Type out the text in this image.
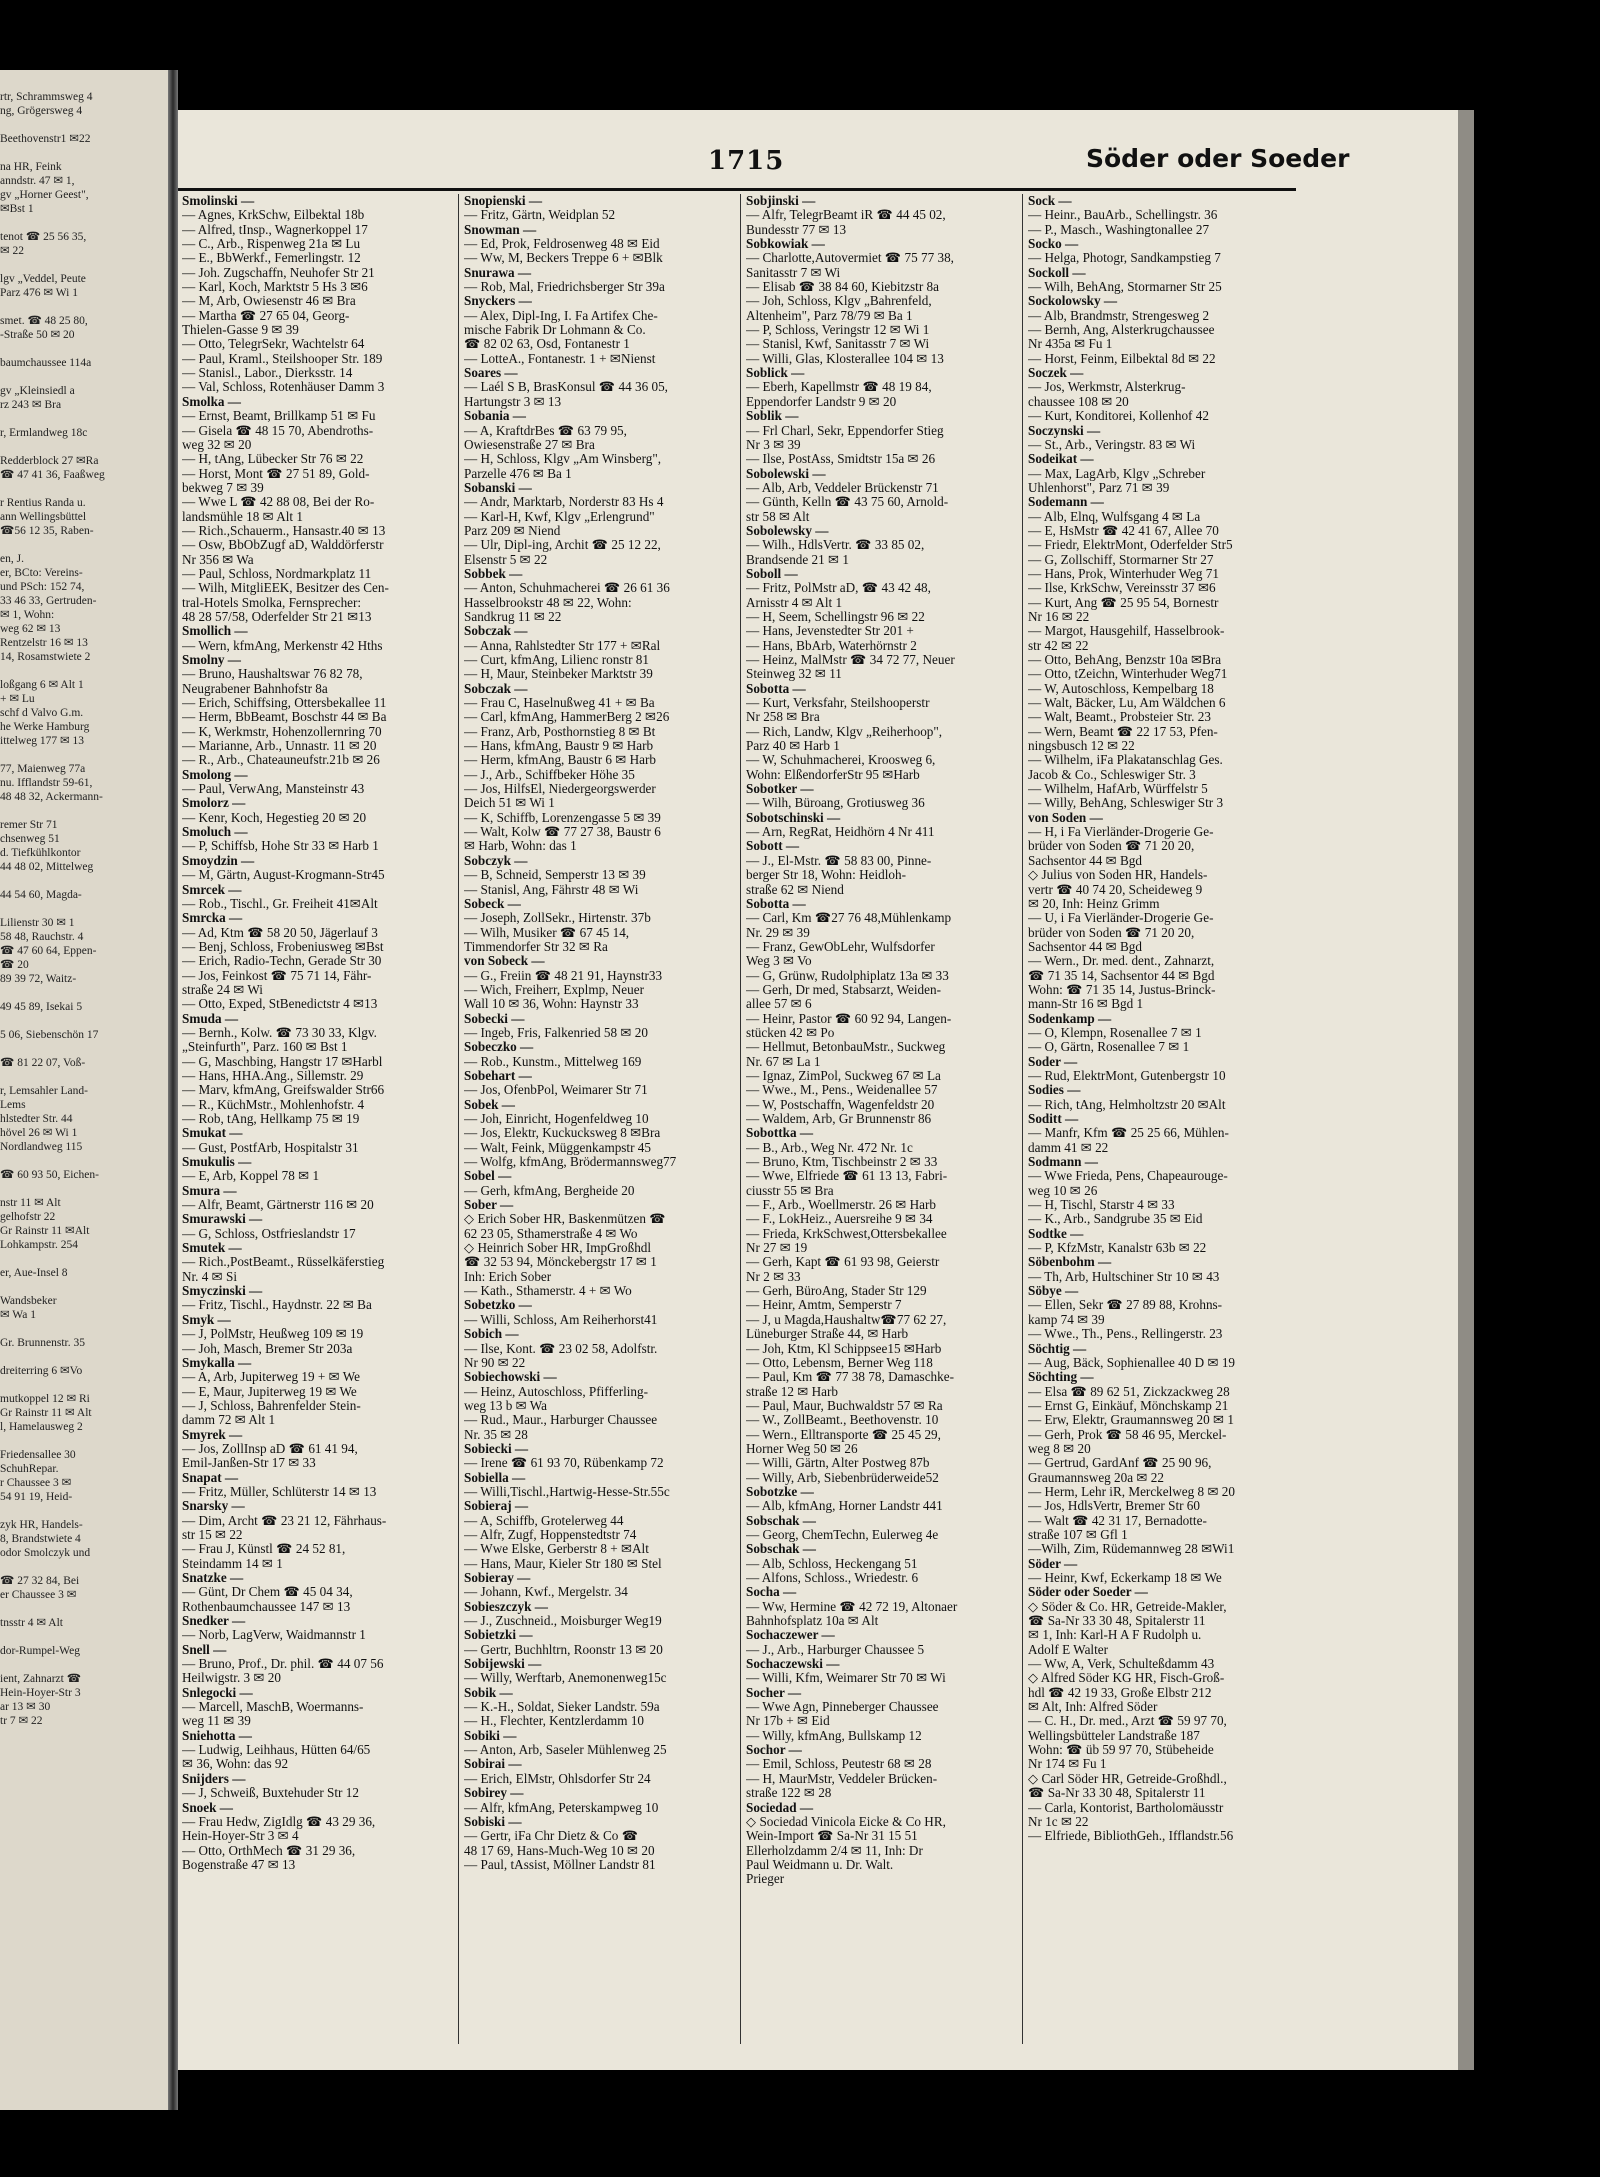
rtr, Schrammsweg 4
ng, Grögersweg 4
Beethovenstr1 ✉22
na HR, Feink
anndstr. 47 ✉ 1,
gv „Horner Geest",
✉Bst 1
tenot ☎ 25 56 35,
✉ 22
lgv „Veddel, Peute
Parz 476 ✉ Wi 1
smet. ☎ 48 25 80,
-Straße 50 ✉ 20
baumchaussee 114a
gv „Kleinsiedl a
rz 243 ✉ Bra
r, Ermlandweg 18c
Redderblock 27 ✉Ra
☎ 47 41 36, Faaßweg
r Rentius Randa u.
ann Wellingsbüttel
☎56 12 35, Raben-
en, J.
er, BCto: Vereins-
und PSch: 152 74,
33 46 33, Gertruden-
✉ 1, Wohn:
weg 62 ✉ 13
Rentzelstr 16 ✉ 13
14, Rosamstwiete 2
loßgang 6 ✉ Alt 1
+ ✉ Lu
schf d Valvo G.m.
he Werke Hamburg
ittelweg 177 ✉ 13
77, Maienweg 77a
nu. Ifflandstr 59-61,
48 48 32, Ackermann-
remer Str 71
chsenweg 51
d. Tiefkühlkontor
44 48 02, Mittelweg
44 54 60, Magda-
Lilienstr 30 ✉ 1
58 48, Rauchstr. 4
☎ 47 60 64, Eppen-
☎ 20
89 39 72, Waitz-
49 45 89, Isekai 5
5 06, Siebenschön 17
☎ 81 22 07, Voß-
r, Lemsahler Land-
Lems
hlstedter Str. 44
hövel 26 ✉ Wi 1
Nordlandweg 115
☎ 60 93 50, Eichen-
nstr 11 ✉ Alt
gelhofstr 22
Gr Rainstr 11 ✉Alt
Lohkampstr. 254
er, Aue-Insel 8
Wandsbeker
✉ Wa 1
Gr. Brunnenstr. 35
dreiterring 6 ✉Vo
mutkoppel 12 ✉ Ri
Gr Rainstr 11 ✉ Alt
l, Hamelausweg 2
Friedensallee 30
SchuhRepar.
r Chaussee 3 ✉
54 91 19, Heid-
zyk HR, Handels-
8, Brandstwiete 4
odor Smolczyk und
☎ 27 32 84, Bei
er Chaussee 3 ✉
tnsstr 4 ✉ Alt
dor-Rumpel-Weg
ient, Zahnarzt ☎
Hein-Hoyer-Str 3
ar 13 ✉ 30
tr 7 ✉ 22
1715	Söder oder Soeder
Smolinski —
— Agnes, KrkSchw, Eilbektal 18b
— Alfred, tInsp., Wagnerkoppel 17
— C., Arb., Rispenweg 21a ✉ Lu
— E., BbWerkf., Femerlingstr. 12
— Joh. Zugschaffn, Neuhofer Str 21
— Karl, Koch, Marktstr 5 Hs 3 ✉6
— M, Arb, Owiesenstr 46 ✉ Bra
— Martha ☎ 27 65 04, Georg-
Thielen-Gasse 9 ✉ 39
— Otto, TelegrSekr, Wachtelstr 64
— Paul, Kraml., Steilshooper Str. 189
— Stanisl., Labor., Dierksstr. 14
— Val, Schloss, Rotenhäuser Damm 3
Smolka —
— Ernst, Beamt, Brillkamp 51 ✉ Fu
— Gisela ☎ 48 15 70, Abendroths-
weg 32 ✉ 20
— H, tAng, Lübecker Str 76 ✉ 22
— Horst, Mont ☎ 27 51 89, Gold-
bekweg 7 ✉ 39
— Wwe L ☎ 42 88 08, Bei der Ro-
landsmühle 18 ✉ Alt 1
— Rich.,Schauerm., Hansastr.40 ✉ 13
— Osw, BbObZugf aD, Walddörferstr
Nr 356 ✉ Wa
— Paul, Schloss, Nordmarkplatz 11
— Wilh, MitgliEEK, Besitzer des Cen-
tral-Hotels Smolka, Fernsprecher:
48 28 57/58, Oderfelder Str 21 ✉13
Smollich —
— Wern, kfmAng, Merkenstr 42 Hths
Smolny —
— Bruno, Haushaltswar 76 82 78,
Neugrabener Bahnhofstr 8a
— Erich, Schiffsing, Ottersbekallee 11
— Herm, BbBeamt, Boschstr 44 ✉ Ba
— K, Werkmstr, Hohenzollernring 70
— Marianne, Arb., Unnastr. 11 ✉ 20
— R., Arb., Chateauneufstr.21b ✉ 26
Smolong —
— Paul, VerwAng, Mansteinstr 43
Smolorz —
— Kenr, Koch, Hegestieg 20 ✉ 20
Smoluch —
— P, Schiffsb, Hohe Str 33 ✉ Harb 1
Smoydzin —
— M, Gärtn, August-Krogmann-Str45
Smrcek —
— Rob., Tischl., Gr. Freiheit 41✉Alt
Smrcka —
— Ad, Ktm ☎ 58 20 50, Jägerlauf 3
— Benj, Schloss, Frobeniusweg ✉Bst
— Erich, Radio-Techn, Gerade Str 30
— Jos, Feinkost ☎ 75 71 14, Fähr-
straße 24 ✉ Wi
— Otto, Exped, StBenedictstr 4 ✉13
Smuda —
— Bernh., Kolw. ☎ 73 30 33, Klgv.
„Steinfurth", Parz. 160 ✉ Bst 1
— G, Maschbing, Hangstr 17 ✉Harbl
— Hans, HHA.Ang., Sillemstr. 29
— Marv, kfmAng, Greifswalder Str66
— R., KüchMstr., Mohlenhofstr. 4
— Rob, tAng, Hellkamp 75 ✉ 19
Smukat —
— Gust, PostfArb, Hospitalstr 31
Smukulis —
— E, Arb, Koppel 78 ✉ 1
Smura —
— Alfr, Beamt, Gärtnerstr 116 ✉ 20
Smurawski —
— G, Schloss, Ostfrieslandstr 17
Smutek —
— Rich.,PostBeamt., Rüsselkäferstieg
Nr. 4 ✉ Si
Smyczinski —
— Fritz, Tischl., Haydnstr. 22 ✉ Ba
Smyk —
— J, PolMstr, Heußweg 109 ✉ 19
— Joh, Masch, Bremer Str 203a
Smykalla —
— A, Arb, Jupiterweg 19 + ✉ We
— E, Maur, Jupiterweg 19 ✉ We
— J, Schloss, Bahrenfelder Stein-
damm 72 ✉ Alt 1
Smyrek —
— Jos, ZollInsp aD ☎ 61 41 94,
Emil-Janßen-Str 17 ✉ 33
Snapat —
— Fritz, Müller, Schlüterstr 14 ✉ 13
Snarsky —
— Dim, Archt ☎ 23 21 12, Fährhaus-
str 15 ✉ 22
— Frau J, Künstl ☎ 24 52 81,
Steindamm 14 ✉ 1
Snatzke —
— Günt, Dr Chem ☎ 45 04 34,
Rothenbaumchaussee 147 ✉ 13
Snedker —
— Norb, LagVerw, Waidmannstr 1
Snell —
— Bruno, Prof., Dr. phil. ☎ 44 07 56
Heilwigstr. 3 ✉ 20
Snlegocki —
— Marcell, MaschB, Woermanns-
weg 11 ✉ 39
Sniehotta —
— Ludwig, Leihhaus, Hütten 64/65
✉ 36, Wohn: das 92
Snijders —
— J, Schweiß, Buxtehuder Str 12
Snoek —
— Frau Hedw, ZigIdlg ☎ 43 29 36,
Hein-Hoyer-Str 3 ✉ 4
— Otto, OrthMech ☎ 31 29 36,
Bogenstraße 47 ✉ 13
Snopienski —
— Fritz, Gärtn, Weidplan 52
Snowman —
— Ed, Prok, Feldrosenweg 48 ✉ Eid
— Ww, M, Beckers Treppe 6 + ✉Blk
Snurawa —
— Rob, Mal, Friedrichsberger Str 39a
Snyckers —
— Alex, Dipl-Ing, I. Fa Artifex Che-
mische Fabrik Dr Lohmann & Co.
☎ 82 02 63, Osd, Fontanestr 1
— LotteA., Fontanestr. 1 + ✉Nienst
Soares —
— Laél S B, BrasKonsul ☎ 44 36 05,
Hartungstr 3 ✉ 13
Sobania —
— A, KraftdrBes ☎ 63 79 95,
Owiesenstraße 27 ✉ Bra
— H, Schloss, Klgv „Am Winsberg",
Parzelle 476 ✉ Ba 1
Sobanski —
— Andr, Marktarb, Norderstr 83 Hs 4
— Karl-H, Kwf, Klgv „Erlengrund"
Parz 209 ✉ Niend
— Ulr, Dipl-ing, Archit ☎ 25 12 22,
Elsenstr 5 ✉ 22
Sobbek —
— Anton, Schuhmacherei ☎ 26 61 36
Hasselbrookstr 48 ✉ 22, Wohn:
Sandkrug 11 ✉ 22
Sobczak —
— Anna, Rahlstedter Str 177 + ✉Ral
— Curt, kfmAng, Lilienc ronstr 81
— H, Maur, Steinbeker Marktstr 39
Sobczak —
— Frau C, Haselnußweg 41 + ✉ Ba
— Carl, kfmAng, HammerBerg 2 ✉26
— Franz, Arb, Posthornstieg 8 ✉ Bt
— Hans, kfmAng, Baustr 9 ✉ Harb
— Herm, kfmAng, Baustr 6 ✉ Harb
— J., Arb., Schiffbeker Höhe 35
— Jos, HilfsEl, Niedergeorgswerder
Deich 51 ✉ Wi 1
— K, Schiffb, Lorenzengasse 5 ✉ 39
— Walt, Kolw ☎ 77 27 38, Baustr 6
✉ Harb, Wohn: das 1
Sobczyk —
— B, Schneid, Semperstr 13 ✉ 39
— Stanisl, Ang, Fährstr 48 ✉ Wi
Sobeck —
— Joseph, ZollSekr., Hirtenstr. 37b
— Wilh, Musiker ☎ 67 45 14,
Timmendorfer Str 32 ✉ Ra
von Sobeck —
— G., Freiin ☎ 48 21 91, Haynstr33
— Wich, Freiherr, Explmp, Neuer
Wall 10 ✉ 36, Wohn: Haynstr 33
Sobecki —
— Ingeb, Fris, Falkenried 58 ✉ 20
Sobeczko —
— Rob., Kunstm., Mittelweg 169
Sobehart —
— Jos, OfenbPol, Weimarer Str 71
Sobek —
— Joh, Einricht, Hogenfeldweg 10
— Jos, Elektr, Kuckucksweg 8 ✉Bra
— Walt, Feink, Müggenkampstr 45
— Wolfg, kfmAng, Brödermannsweg77
Sobel —
— Gerh, kfmAng, Bergheide 20
Sober —
◇ Erich Sober HR, Baskenmützen ☎
62 23 05, Sthamerstraße 4 ✉ Wo
◇ Heinrich Sober HR, ImpGroßhdl
☎ 32 53 94, Mönckebergstr 17 ✉ 1
Inh: Erich Sober
— Kath., Sthamerstr. 4 + ✉ Wo
Sobetzko —
— Willi, Schloss, Am Reiherhorst41
Sobich —
— Ilse, Kont. ☎ 23 02 58, Adolfstr.
Nr 90 ✉ 22
Sobiechowski —
— Heinz, Autoschloss, Pfifferling-
weg 13 b ✉ Wa
— Rud., Maur., Harburger Chaussee
Nr. 35 ✉ 28
Sobiecki —
— Irene ☎ 61 93 70, Rübenkamp 72
Sobiella —
— Willi,Tischl.,Hartwig-Hesse-Str.55c
Sobieraj —
— A, Schiffb, Grotelerweg 44
— Alfr, Zugf, Hoppenstedtstr 74
— Wwe Elske, Gerberstr 8 + ✉Alt
— Hans, Maur, Kieler Str 180 ✉ Stel
Sobieray —
— Johann, Kwf., Mergelstr. 34
Sobieszczyk —
— J., Zuschneid., Moisburger Weg19
Sobietzki —
— Gertr, Buchhltrn, Roonstr 13 ✉ 20
Sobijewski —
— Willy, Werftarb, Anemonenweg15c
Sobik —
— K.-H., Soldat, Sieker Landstr. 59a
— H., Flechter, Kentzlerdamm 10
Sobiki —
— Anton, Arb, Saseler Mühlenweg 25
Sobirai —
— Erich, ElMstr, Ohlsdorfer Str 24
Sobirey —
— Alfr, kfmAng, Peterskampweg 10
Sobiski —
— Gertr, iFa Chr Dietz & Co ☎
48 17 69, Hans-Much-Weg 10 ✉ 20
— Paul, tAssist, Möllner Landstr 81
Sobjinski —
— Alfr, TelegrBeamt iR ☎ 44 45 02,
Bundesstr 77 ✉ 13
Sobkowiak —
— Charlotte,Autovermiet ☎ 75 77 38,
Sanitasstr 7 ✉ Wi
— Elisab ☎ 38 84 60, Kiebitzstr 8a
— Joh, Schloss, Klgv „Bahrenfeld,
Altenheim", Parz 78/79 ✉ Ba 1
— P, Schloss, Veringstr 12 ✉ Wi 1
— Stanisl, Kwf, Sanitasstr 7 ✉ Wi
— Willi, Glas, Klosterallee 104 ✉ 13
Soblick —
— Eberh, Kapellmstr ☎ 48 19 84,
Eppendorfer Landstr 9 ✉ 20
Soblik —
— Frl Charl, Sekr, Eppendorfer Stieg
Nr 3 ✉ 39
— Ilse, PostAss, Smidtstr 15a ✉ 26
Sobolewski —
— Alb, Arb, Veddeler Brückenstr 71
— Günth, Kelln ☎ 43 75 60, Arnold-
str 58 ✉ Alt
Sobolewsky —
— Wilh., HdlsVertr. ☎ 33 85 02,
Brandsende 21 ✉ 1
Soboll —
— Fritz, PolMstr aD, ☎ 43 42 48,
Arnisstr 4 ✉ Alt 1
— H, Seem, Schellingstr 96 ✉ 22
— Hans, Jevenstedter Str 201 +
— Hans, BbArb, Waterhörnstr 2
— Heinz, MalMstr ☎ 34 72 77, Neuer
Steinweg 32 ✉ 11
Sobotta —
— Kurt, Verksfahr, Steilshooperstr
Nr 258 ✉ Bra
— Rich, Landw, Klgv „Reiherhoop",
Parz 40 ✉ Harb 1
— W, Schuhmacherei, Kroosweg 6,
Wohn: ElßendorferStr 95 ✉Harb
Sobotker —
— Wilh, Büroang, Grotiusweg 36
Sobotschinski —
— Arn, RegRat, Heidhörn 4 Nr 411
Sobott —
— J., El-Mstr. ☎ 58 83 00, Pinne-
berger Str 18, Wohn: Heidloh-
straße 62 ✉ Niend
Sobotta —
— Carl, Km ☎27 76 48,Mühlenkamp
Nr. 29 ✉ 39
— Franz, GewObLehr, Wulfsdorfer
Weg 3 ✉ Vo
— G, Grünw, Rudolphiplatz 13a ✉ 33
— Gerh, Dr med, Stabsarzt, Weiden-
allee 57 ✉ 6
— Heinr, Pastor ☎ 60 92 94, Langen-
stücken 42 ✉ Po
— Hellmut, BetonbauMstr., Suckweg
Nr. 67 ✉ La 1
— Ignaz, ZimPol, Suckweg 67 ✉ La
— Wwe., M., Pens., Weidenallee 57
— W, Postschaffn, Wagenfeldstr 20
— Waldem, Arb, Gr Brunnenstr 86
Sobottka —
— B., Arb., Weg Nr. 472 Nr. 1c
— Bruno, Ktm, Tischbeinstr 2 ✉ 33
— Wwe, Elfriede ☎ 61 13 13, Fabri-
ciusstr 55 ✉ Bra
— F., Arb., Woellmerstr. 26 ✉ Harb
— F., LokHeiz., Auersreihe 9 ✉ 34
— Frieda, KrkSchwest,Ottersbekallee
Nr 27 ✉ 19
— Gerh, Kapt ☎ 61 93 98, Geierstr
Nr 2 ✉ 33
— Gerh, BüroAng, Stader Str 129
— Heinr, Amtm, Semperstr 7
— J, u Magda,Haushaltw☎77 62 27,
Lüneburger Straße 44, ✉ Harb
— Joh, Ktm, Kl Schippsee15 ✉Harb
— Otto, Lebensm, Berner Weg 118
— Paul, Km ☎ 77 38 78, Damaschke-
straße 12 ✉ Harb
— Paul, Maur, Buchwaldstr 57 ✉ Ra
— W., ZollBeamt., Beethovenstr. 10
— Wern., Elltransporte ☎ 25 45 29,
Horner Weg 50 ✉ 26
— Willi, Gärtn, Alter Postweg 87b
— Willy, Arb, Siebenbrüderweide52
Sobotzke —
— Alb, kfmAng, Horner Landstr 441
Sobschak —
— Georg, ChemTechn, Eulerweg 4e
Sobschak —
— Alb, Schloss, Heckengang 51
— Alfons, Schloss., Wriedestr. 6
Socha —
— Ww, Hermine ☎ 42 72 19, Altonaer
Bahnhofsplatz 10a ✉ Alt
Sochaczewer —
— J., Arb., Harburger Chaussee 5
Sochaczewski —
— Willi, Kfm, Weimarer Str 70 ✉ Wi
Socher —
— Wwe Agn, Pinneberger Chaussee
Nr 17b + ✉ Eid
— Willy, kfmAng, Bullskamp 12
Sochor —
— Emil, Schloss, Peutestr 68 ✉ 28
— H, MaurMstr, Veddeler Brücken-
straße 122 ✉ 28
Sociedad —
◇ Sociedad Vinicola Eicke & Co HR,
Wein-Import ☎ Sa-Nr 31 15 51
Ellerholzdamm 2/4 ✉ 11, Inh: Dr
Paul Weidmann u. Dr. Walt.
Prieger
Sock —
— Heinr., BauArb., Schellingstr. 36
— P., Masch., Washingtonallee 27
Socko —
— Helga, Photogr, Sandkampstieg 7
Sockoll —
— Wilh, BehAng, Stormarner Str 25
Sockolowsky —
— Alb, Brandmstr, Strengesweg 2
— Bernh, Ang, Alsterkrugchaussee
Nr 435a ✉ Fu 1
— Horst, Feinm, Eilbektal 8d ✉ 22
Soczek —
— Jos, Werkmstr, Alsterkrug-
chaussee 108 ✉ 20
— Kurt, Konditorei, Kollenhof 42
Soczynski —
— St., Arb., Veringstr. 83 ✉ Wi
Sodeikat —
— Max, LagArb, Klgv „Schreber
Uhlenhorst", Parz 71 ✉ 39
Sodemann —
— Alb, Elnq, Wulfsgang 4 ✉ La
— E, HsMstr ☎ 42 41 67, Allee 70
— Friedr, ElektrMont, Oderfelder Str5
— G, Zollschiff, Stormarner Str 27
— Hans, Prok, Winterhuder Weg 71
— Ilse, KrkSchw, Vereinsstr 37 ✉6
— Kurt, Ang ☎ 25 95 54, Bornestr
Nr 16 ✉ 22
— Margot, Hausgehilf, Hasselbrook-
str 42 ✉ 22
— Otto, BehAng, Benzstr 10a ✉Bra
— Otto, tZeichn, Winterhuder Weg71
— W, Autoschloss, Kempelbarg 18
— Walt, Bäcker, Lu, Am Wäldchen 6
— Walt, Beamt., Probsteier Str. 23
— Wern, Beamt ☎ 22 17 53, Pfen-
ningsbusch 12 ✉ 22
— Wilhelm, iFa Plakatanschlag Ges.
Jacob & Co., Schleswiger Str. 3
— Wilhelm, HafArb, Würffelstr 5
— Willy, BehAng, Schleswiger Str 3
von Soden —
— H, i Fa Vierländer-Drogerie Ge-
brüder von Soden ☎ 71 20 20,
Sachsentor 44 ✉ Bgd
◇ Julius von Soden HR, Handels-
vertr ☎ 40 74 20, Scheideweg 9
✉ 20, Inh: Heinz Grimm
— U, i Fa Vierländer-Drogerie Ge-
brüder von Soden ☎ 71 20 20,
Sachsentor 44 ✉ Bgd
— Wern., Dr. med. dent., Zahnarzt,
☎ 71 35 14, Sachsentor 44 ✉ Bgd
Wohn: ☎ 71 35 14, Justus-Brinck-
mann-Str 16 ✉ Bgd 1
Sodenkamp —
— O, Klempn, Rosenallee 7 ✉ 1
— O, Gärtn, Rosenallee 7 ✉ 1
Soder —
— Rud, ElektrMont, Gutenbergstr 10
Sodies —
— Rich, tAng, Helmholtzstr 20 ✉Alt
Soditt —
— Manfr, Kfm ☎ 25 25 66, Mühlen-
damm 41 ✉ 22
Sodmann —
— Wwe Frieda, Pens, Chapeaurouge-
weg 10 ✉ 26
— H, Tischl, Starstr 4 ✉ 33
— K., Arb., Sandgrube 35 ✉ Eid
Sodtke —
— P, KfzMstr, Kanalstr 63b ✉ 22
Söbenbohm —
— Th, Arb, Hultschiner Str 10 ✉ 43
Söbye —
— Ellen, Sekr ☎ 27 89 88, Krohns-
kamp 74 ✉ 39
— Wwe., Th., Pens., Rellingerstr. 23
Söchtig —
— Aug, Bäck, Sophienallee 40 D ✉ 19
Söchting —
— Elsa ☎ 89 62 51, Zickzackweg 28
— Ernst G, Einkäuf, Mönchskamp 21
— Erw, Elektr, Graumannsweg 20 ✉ 1
— Gerh, Prok ☎ 58 46 95, Merckel-
weg 8 ✉ 20
— Gertrud, GardAnf ☎ 25 90 96,
Graumannsweg 20a ✉ 22
— Herm, Lehr iR, Merckelweg 8 ✉ 20
— Jos, HdlsVertr, Bremer Str 60
— Walt ☎ 42 31 17, Bernadotte-
straße 107 ✉ Gfl 1
—Wilh, Zim, Rüdemannweg 28 ✉Wi1
Söder —
— Heinr, Kwf, Eckerkamp 18 ✉ We
Söder oder Soeder —
◇ Söder & Co. HR, Getreide-Makler,
☎ Sa-Nr 33 30 48, Spitalerstr 11
✉ 1, Inh: Karl-H A F Rudolph u.
Adolf E Walter
— Ww, A, Verk, Schulteßdamm 43
◇ Alfred Söder KG HR, Fisch-Groß-
hdl ☎ 42 19 33, Große Elbstr 212
✉ Alt, Inh: Alfred Söder
— C. H., Dr. med., Arzt ☎ 59 97 70,
Wellingsbütteler Landstraße 187
Wohn: ☎ üb 59 97 70, Stübeheide
Nr 174 ✉ Fu 1
◇ Carl Söder HR, Getreide-Großhdl.,
☎ Sa-Nr 33 30 48, Spitalerstr 11
— Carla, Kontorist, Bartholomäusstr
Nr 1c ✉ 22
— Elfriede, BibliothGeh., Ifflandstr.56
